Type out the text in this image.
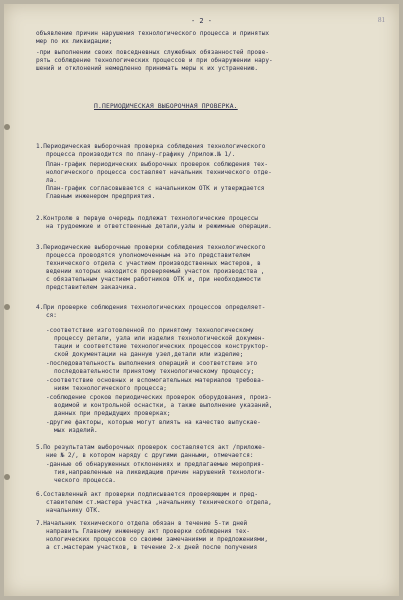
81
- 2 -
объявление причин нарушения технологического процесса и принятых
мер по их ликвидации;
-при выполнении своих повседневных служебных обязанностей прове-
рять соблюдение технологических процессов и при обнаружении нару-
шений и отклонений немедленно принимать меры к их устранению.
П.ПЕРИОДИЧЕСКАЯ ВЫБОРОЧНАЯ ПРОВЕРКА.
1.Периодическая выборочная проверка соблюдения технологического
процесса производится по плану-графику /прилож.№ 1/.
План-график периодических выборочных проверок соблюдения тех-
нологического процесса составляет начальник технического отде-
ла.
План-график согласовывается с начальником ОТК и утверждается
Главным инженером предприятия.
2.Контролю в первую очередь подлежат технологические процессы
на трудоемкие и ответственные детали,узлы и режимные операции.
3.Периодические выборочные проверки соблюдения технологического
процесса проводятся уполномоченным на это представителем
технического отдела с участием производственных мастеров, в
ведении которых находится проверяемый участок производства ,
с обязательным участием работников ОТК и, при необходимости
представителем заказчика.
4.При проверке соблюдения технологических процессов определяет-
ся:
-соответствие изготовленной по принятому технологическому
процессу детали, узла или изделия технологической докумен-
тации и соответствие технологических процессов конструктор-
ской документации на данную узел,детали или изделие;
-последовательность выполнения операций и соответствие это
последовательности принятому технологическому процессу;
-соответствие основных и вспомогательных материалов требова-
ниям технологического процесса;
-соблюдение сроков периодических проверок оборудования, произ-
водимой и контрольной оснастки, а также выполнение указаний,
данных при предыдущих проверках;
-другие факторы, которые могут влиять на качество выпускае-
мых изделий.
5.По результатам выборочных проверок составляется акт /приложе-
ние № 2/, в котором наряду с другими данными, отмечается:
-данные об обнаруженных отклонениях и предлагаемые мероприя-
тия,направленные на ликвидацию причин нарушений технологи-
ческого процесса.
6.Составленный акт проверки подписывается проверяющим и пред-
ставителем ст.мастера участка ,начальнику технического отдела,
начальнику ОТК.
7.Начальник технического отдела обязан в течение 5-ти дней
направить Главному инженеру акт проверки соблюдения тех-
нологических процессов со своими замечаниями и предложениями,
а ст.мастерам участков, в течение 2-х дней после получения
